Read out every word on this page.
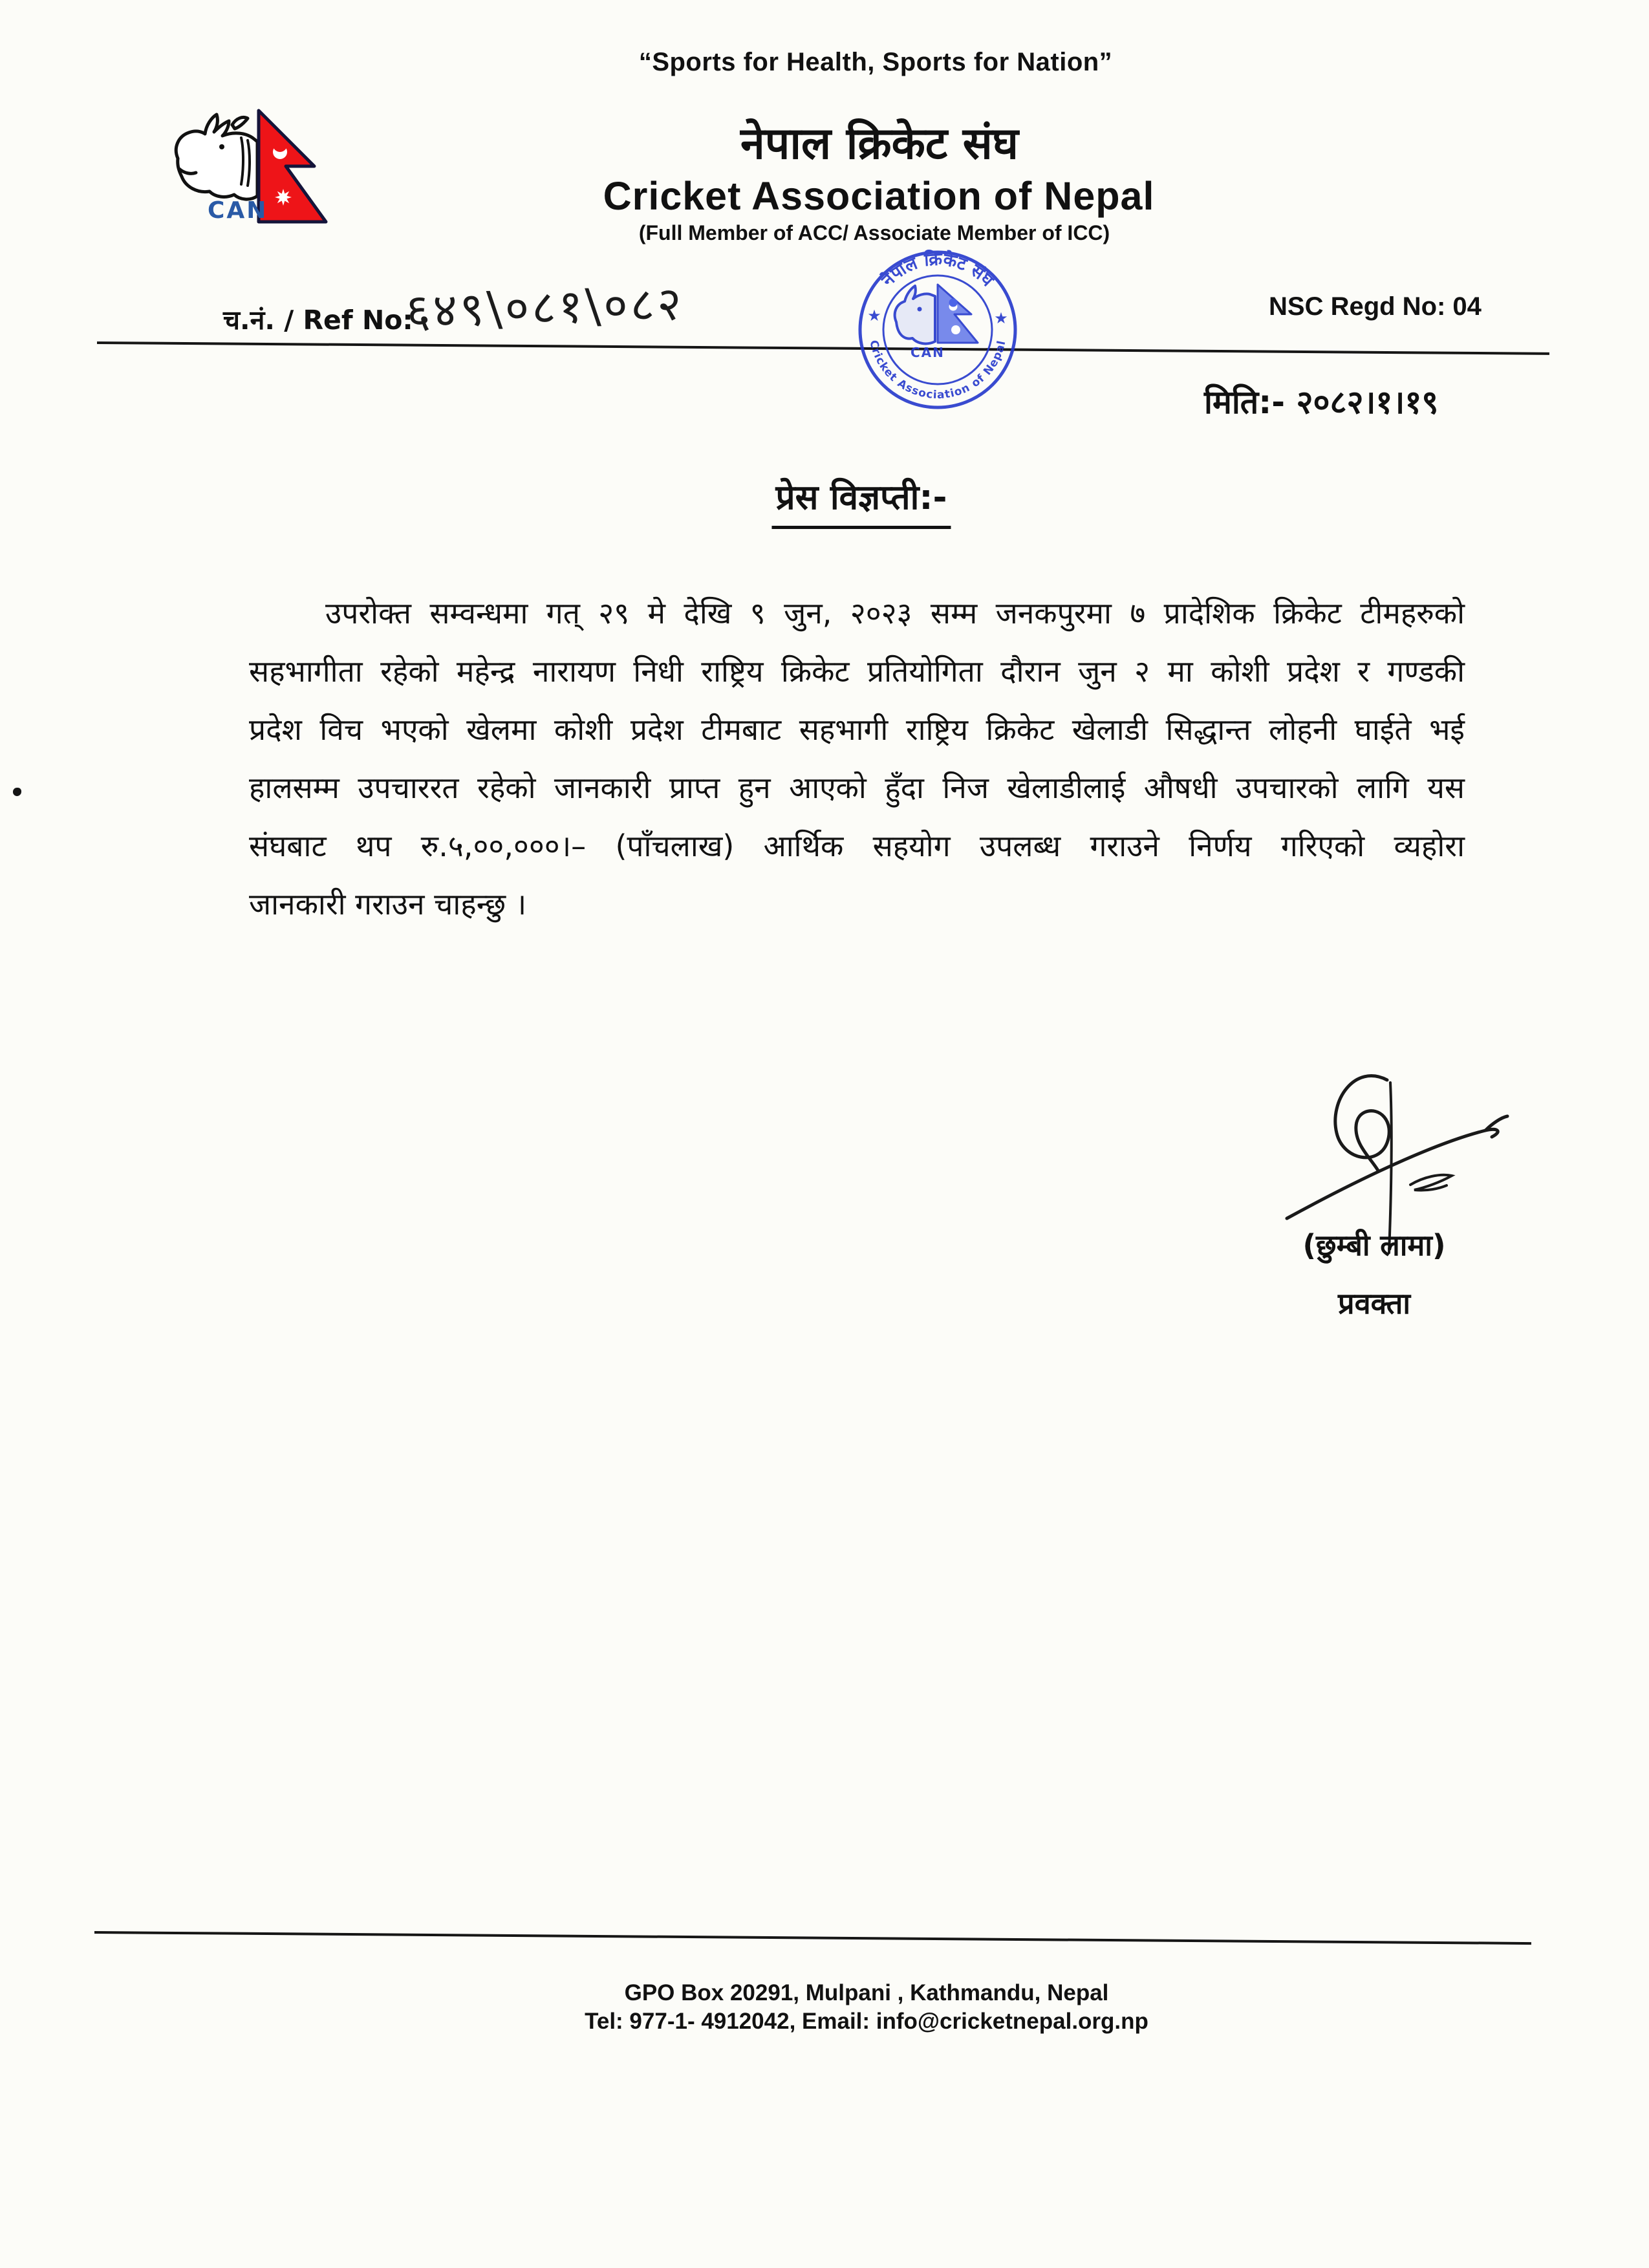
“Sports for Health, Sports for Nation”
नेपाल क्रिकेट संघ
Cricket Association of Nepal
(Full Member of ACC/ Associate Member of ICC)
CAN
च.नं. / Ref No:
६४९\०८१\०८२	NSC Regd No: 04
नेपाल क्रिकेट संघ
Cricket Association of Nepal
★	★
CAN
मिति:- २०८२।१।१९
प्रेस विज्ञप्ती:-
उपरोक्त सम्वन्धमा गत् २९ मे देखि ९ जुन, २०२३ सम्म जनकपुरमा ७ प्रादेशिक क्रिकेट टीमहरुको
सहभागीता रहेको महेन्द्र नारायण निधी राष्ट्रिय क्रिकेट प्रतियोगिता दौरान जुन २ मा कोशी प्रदेश र गण्डकी
प्रदेश विच भएको खेलमा कोशी प्रदेश टीमबाट सहभागी राष्ट्रिय क्रिकेट खेलाडी सिद्धान्त लोहनी घाईते भई
हालसम्म उपचाररत रहेको जानकारी प्राप्त हुन आएको हुँदा निज खेलाडीलाई औषधी उपचारको लागि यस
संघबाट थप रु.५,००,०००।– (पाँचलाख) आर्थिक सहयोग उपलब्ध गराउने निर्णय गरिएको व्यहोरा
जानकारी गराउन चाहन्छु ।
(छुम्बी लामा)
प्रवक्ता
GPO Box 20291, Mulpani , Kathmandu, Nepal
Tel: 977-1- 4912042, Email: info@cricketnepal.org.np
